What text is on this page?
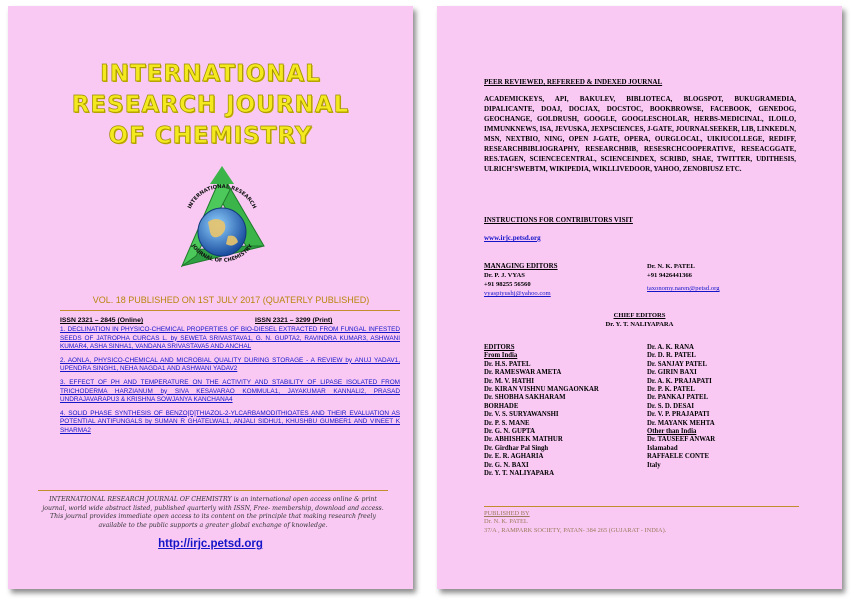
INTERNATIONAL
RESEARCH JOURNAL
OF CHEMISTRY
INTERNATIONAL RESEARCH
JOURNAL OF CHEMISTRY
VOL. 18 PUBLISHED ON 1ST JULY 2017 (QUATERLY PUBLISHED)
ISSN 2321 – 2845 (Online)	ISSN 2321 – 3299 (Print)
1. DECLINATION IN PHYSICO-CHEMICAL PROPERTIES OF BIO-DIESEL EXTRACTED FROM FUNGAL INFESTED SEEDS OF JATROPHA CURCAS L. by SEWETA SRIVASTAVA1, G. N. GUPTA2, RAVINDRA KUMAR3, ASHWANI KUMAR4, ASHA SINHA1, VANDANA SRIVASTAVA5 AND ANCHAL
2. AONLA, PHYSICO-CHEMICAL AND MICROBIAL QUALITY DURING STORAGE - A REVIEW by ANUJ YADAV1, UPENDRA SINGH1, NEHA NAGDA1 AND ASHWANI YADAV2
3. EFFECT OF PH AND TEMPERATURE ON THE ACTIVITY AND STABILITY OF LIPASE ISOLATED FROM TRICHODERMA HARZIANUM by SIVA KESAVARAO KOMMULA1, JAYAKUMAR KANNALI2, PRASAD UNDRAJAVARAPU3 & KRISHNA SOWJANYA KANCHANA4
4. SOLID PHASE SYNTHESIS OF BENZO[D]THIAZOL-2-YLCARBAMODITHIOATES AND THEIR EVALUATION AS POTENTIAL ANTIFUNGALS by SUMAN R GHATELWAL1, ANJALI SIDHU1, KHUSHBU GUMBER1 AND VINEET K SHARMA2
INTERNATIONAL RESEARCH JOURNAL OF CHEMISTRY is an international open access online & print journal, world wide abstract listed, published quarterly with ISSN, Free- membership, download and access. This journal provides immediate open access to its content on the principle that making research freely available to the public supports a greater global exchange of knowledge.
http://irjc.petsd.org
PEER REVIEWED, REFEREED & INDEXED JOURNAL
ACADEMICKEYS, API, BAKULEV, BIBLIOTECA, BLOGSPOT, BUKUGRAMEDIA, DIPALICANTE, DOAJ, DOCJAX, DOCSTOC, BOOKBROWSE, FACEBOOK, GENEDOG, GEOCHANGE, GOLDRUSH, GOOGLE, GOOGLESCHOLAR, HERBS-MEDICINAL, ILOILO, IMMUNKNEWS, ISA, JEVUSKA, JEXPSCIENCES, J-GATE, JOURNALSEEKER, LIB, LINKEDLN, MSN, NEXTBIO, NING, OPEN J-GATE, OPERA, OURGLOCAL, UIKIUCOLLEGE, REDIFF, RESEARCHBIBLIOGRAPHY, RESEARCHBIB, RESESRCHCOOPERATIVE, RESEACGGATE, RES.TAGEN, SCIENCECENTRAL, SCIENCEINDEX, SCRIBD, SHAE, TWITTER, UDITHESIS, ULRICH’SWEBTM, WIKIPEDIA, WIKLLIVEDOOR, YAHOO, ZENOBIUSZ ETC.
INSTRUCTIONS FOR CONTRIBUTORS VISIT
www.irjc.petsd.org
MANAGING EDITORS
Dr. P. J. VYAS
+91 98255 56560
vyaspiyushj@yahoo.com
Dr. N. K. PATEL
+91 9426441366
taxonomy.naren@petsd.org
CHIEF EDITORS
Dr. Y. T. NALIYAPARA
EDITORS
From India
Dr. H.S. PATEL
Dr. RAMESWAR AMETA
Dr. M. V. HATHI
Dr. KIRAN VISHNU MANGAONKAR
Dr. SHOBHA SAKHARAM
BORHADE
Dr. V. S. SURYAWANSHI
Dr. P. S. MANE
Dr. G. N. GUPTA
Dr. ABHISHEK MATHUR
Dr. Girdhar Pal Singh
Dr. E. R. AGHARIA
Dr. G. N. BAXI
Dr. Y. T. NALIYAPARA
Dr. A. K. RANA
Dr. D. R. PATEL
Dr. SANJAY PATEL
Dr. GIRIN BAXI
Dr. A. K. PRAJAPATI
Dr. P. K. PATEL
Dr. PANKAJ PATEL
Dr. S. D. DESAI
Dr. V. P. PRAJAPATI
Dr. MAYANK MEHTA
Other than India
Dr. TAUSEEF ANWAR
Islamabad
RAFFAELE CONTE
Italy
PUBLISHED BY
Dr. N. K. PATEL
37/A , RAMPARK SOCIETY, PATAN- 384 265 (GUJARAT - INDIA).
